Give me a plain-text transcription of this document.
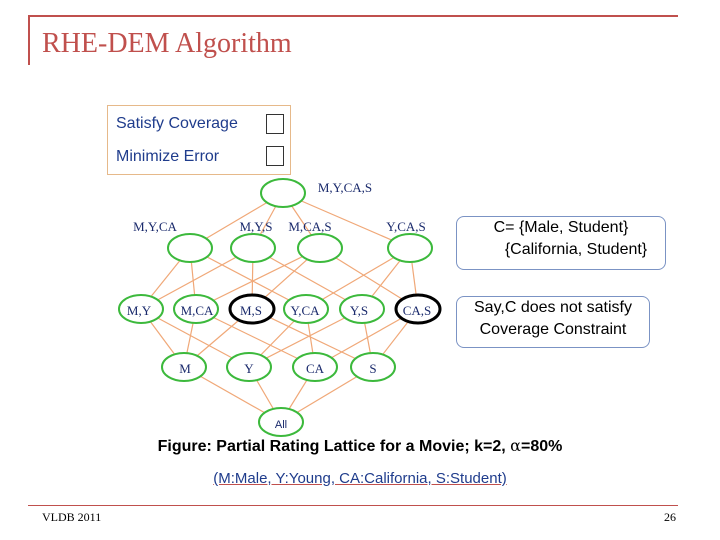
RHE-DEM Algorithm
Satisfy Coverage
Minimize Error
M,Y,CA,S
M,Y,CA	M,Y,S M,CA,S	Y,CA,S
M,Y M,CA M,S Y,CA Y,S	CA,S
M	Y	CA	S
All
C= {Male, Student}
{California, Student}
Say,C does not satisfy
Coverage Constraint
Figure: Partial Rating Lattice for a Movie; k=2, α=80%
(M:Male, Y:Young, CA:California, S:Student)
VLDB 2011	26
